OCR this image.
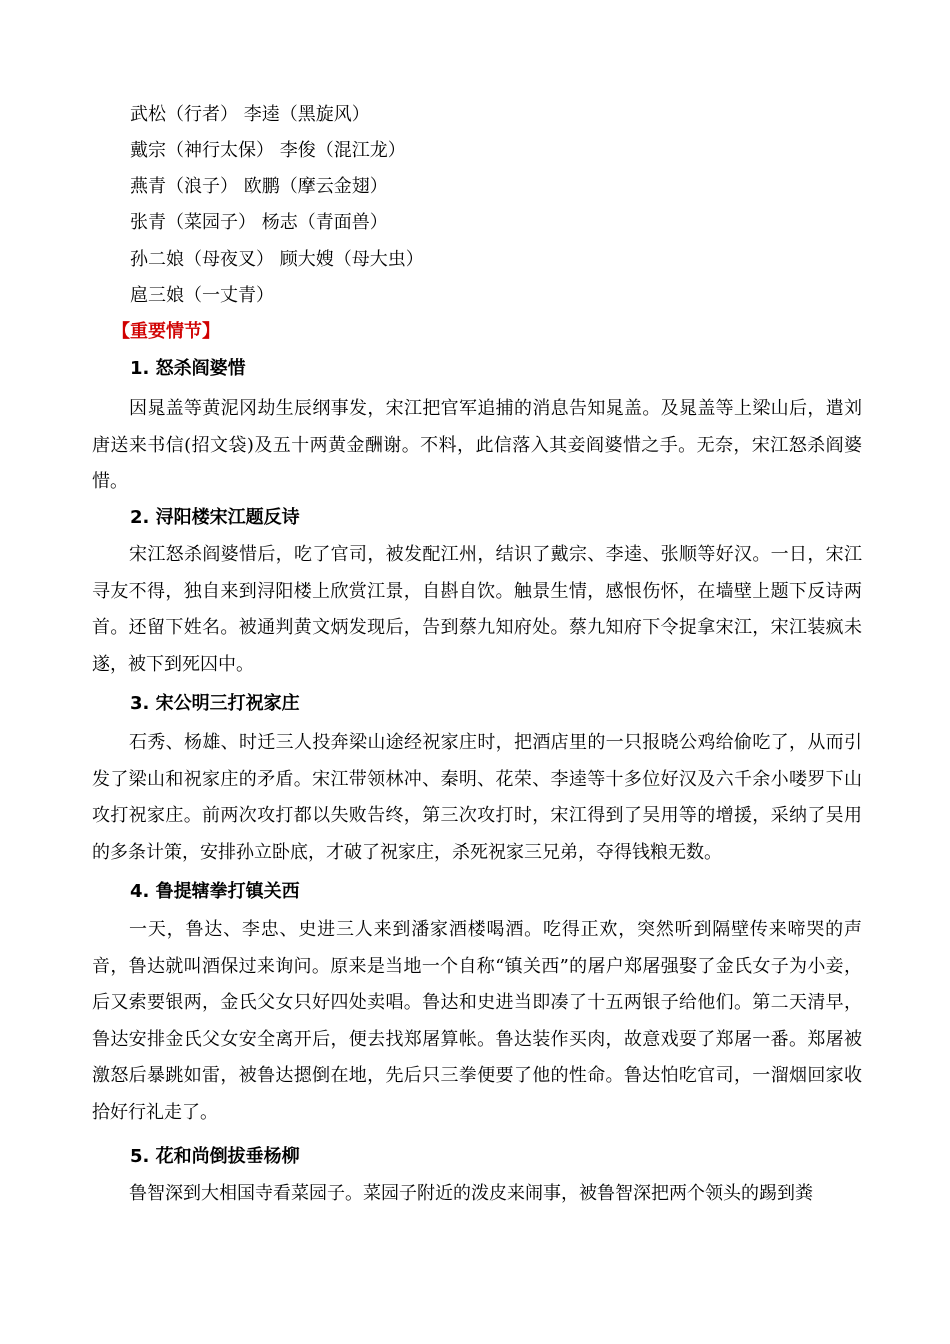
武松（行者） 李逵（黑旋风）
戴宗（神行太保） 李俊（混江龙）
燕青（浪子） 欧鹏（摩云金翅）
张青（菜园子） 杨志（青面兽）
孙二娘（母夜叉） 顾大嫂（母大虫）
扈三娘（一丈青）
【重要情节】
1. 怒杀阎婆惜

因晁盖等黄泥冈劫生辰纲事发，宋江把官军追捕的消息告知晁盖。及晁盖等上梁山后，遣刘唐送来书信(招文袋)及五十两黄金酬谢。不料，此信落入其妾阎婆惜之手。无奈，宋江怒杀阎婆惜。

2. 浔阳楼宋江题反诗

宋江怒杀阎婆惜后，吃了官司，被发配江州，结识了戴宗、李逵、张顺等好汉。一日，宋江寻友不得，独自来到浔阳楼上欣赏江景，自斟自饮。触景生情，感恨伤怀，在墙壁上题下反诗两首。还留下姓名。被通判黄文炳发现后，告到蔡九知府处。蔡九知府下令捉拿宋江，宋江装疯未遂，被下到死囚中。

3. 宋公明三打祝家庄

石秀、杨雄、时迁三人投奔梁山途经祝家庄时，把酒店里的一只报晓公鸡给偷吃了，从而引发了梁山和祝家庄的矛盾。宋江带领林冲、秦明、花荣、李逵等十多位好汉及六千余小喽罗下山攻打祝家庄。前两次攻打都以失败告终，第三次攻打时，宋江得到了吴用等的增援，采纳了吴用的多条计策，安排孙立卧底，才破了祝家庄，杀死祝家三兄弟，夺得钱粮无数。

4. 鲁提辖拳打镇关西

一天，鲁达、李忠、史进三人来到潘家酒楼喝酒。吃得正欢，突然听到隔壁传来啼哭的声音，鲁达就叫酒保过来询问。原来是当地一个自称“镇关西”的屠户郑屠强娶了金氏女子为小妾，后又索要银两，金氏父女只好四处卖唱。鲁达和史进当即凑了十五两银子给他们。第二天清早，鲁达安排金氏父女安全离开后，便去找郑屠算帐。鲁达装作买肉，故意戏耍了郑屠一番。郑屠被激怒后暴跳如雷，被鲁达摁倒在地，先后只三拳便要了他的性命。鲁达怕吃官司，一溜烟回家收拾好行礼走了。

5. 花和尚倒拔垂杨柳

鲁智深到大相国寺看菜园子。菜园子附近的泼皮来闹事，被鲁智深把两个领头的踢到粪
